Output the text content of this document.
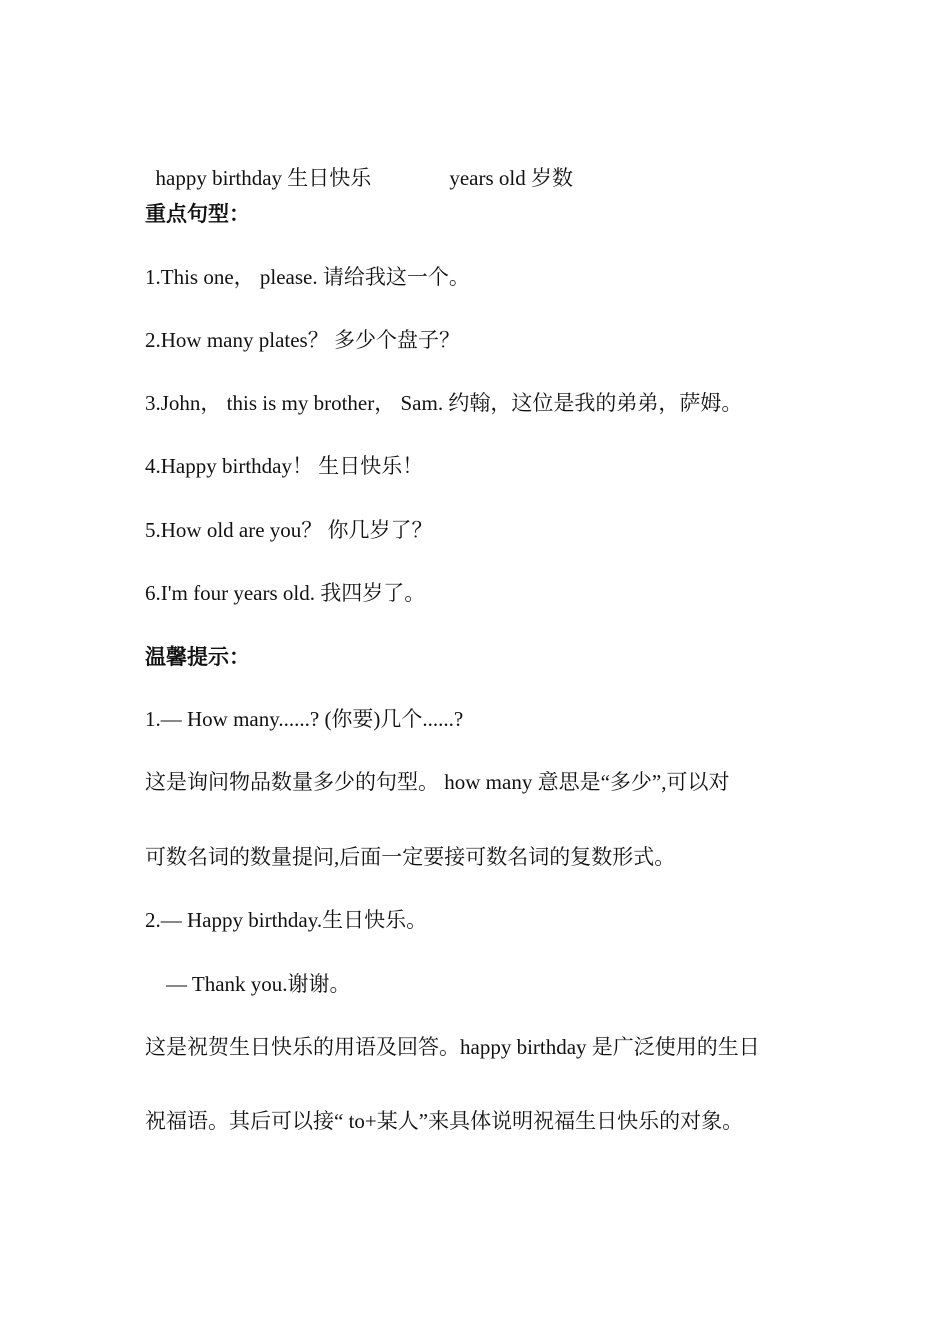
happy birthday 生日快乐	years old 岁数

重点句型：
1.This one， please. 请给我这一个。
2.How many plates？ 多少个盘子？
3.John， this is my brother， Sam. 约翰，这位是我的弟弟，萨姆。
4.Happy birthday！ 生日快乐！
5.How old are you？ 你几岁了？
6.I'm four years old. 我四岁了。
温馨提示：
1.— How many......? (你要)几个......?
这是询问物品数量多少的句型。 how many 意思是“多少”,可以对
可数名词的数量提问,后面一定要接可数名词的复数形式。
2.— Happy birthday.生日快乐。
— Thank you.谢谢。
这是祝贺生日快乐的用语及回答。happy birthday 是广泛使用的生日
祝福语。其后可以接“ to+某人”来具体说明祝福生日快乐的对象。
